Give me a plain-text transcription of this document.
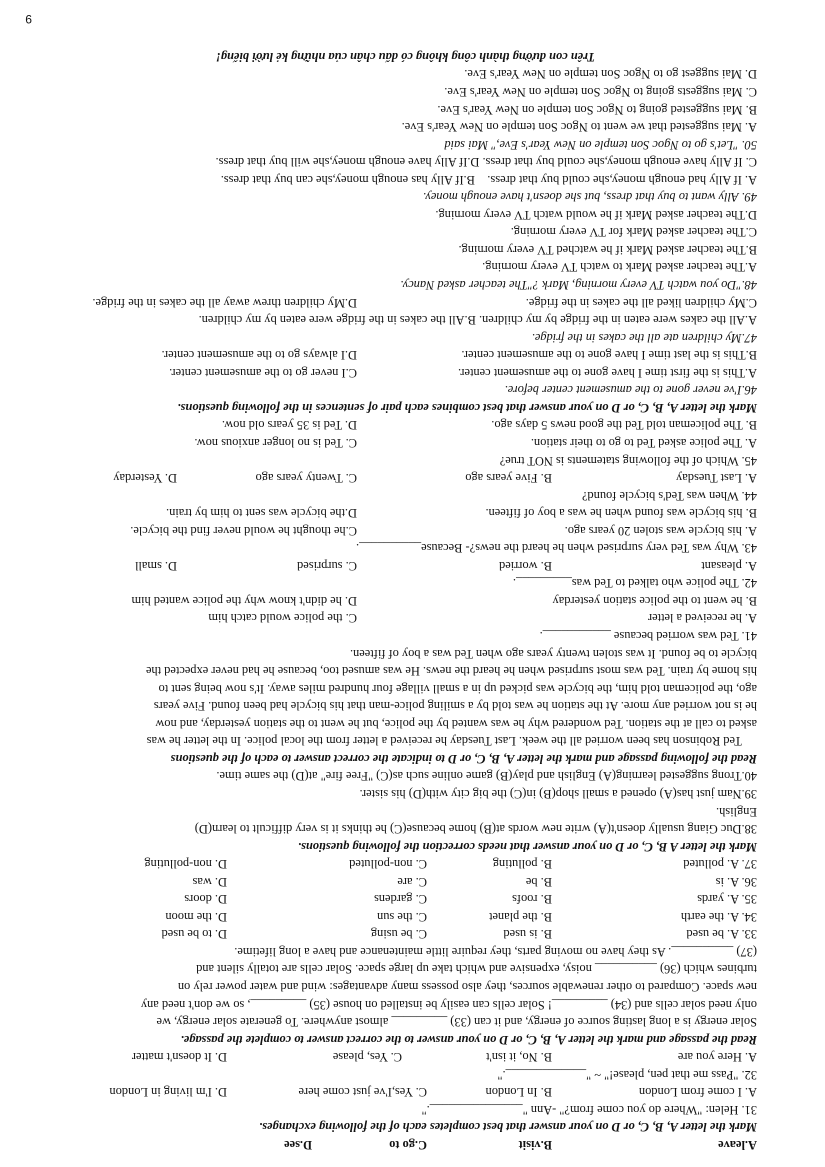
A.leave
B.visit
C.go to
D.see
Mark the letter A, B, C, or D on your answer that best completes each of the following exchanges.
31. Helen: "Where do you come from?" -Ann "_______________."
A. I come from London
B. In London
C. Yes,I've just come here
D. I'm living in London
32. "Pass me that pen, please!" ~ "_____________."
A. Here you are
B. No, it isn't
C. Yes, please
D. It doesn't matter
Read the passage and mark the letter A, B, C, or D on your answer to the correct answer to complete the passage.
Solar energy is a long lasting source of energy, and it can (33) _________ almost anywhere. To generate solar energy, we
only need solar cells and (34) _________! Solar cells can easily be installed on house (35) _________, so we don't need any
new space. Compared to other renewable sources, they also possess many advantages: wind and water power rely on
turbines which (36) __________ noisy, expensive and which take up large space. Solar cells are totally silent and
(37) __________. As they have no moving parts, they require little maintenance and have a long lifetime.
33. A. be used
B. is used
C. be using
D. to be used
34. A. the earth
B. the planet
C. the sun
D. the moon
35. A. yards
B. roofs
C. gardens
D. doors
36. A. is
B. be
C. are
D. was
37. A. polluted
B. polluting
C. non-polluted
D. non-polluting
Mark the letter A B, C, or D on your answer that needs correction the following questions.
38.Duc Giang usually doesn't(A) write new words at(B) home because(C) he thinks it is very difficult to learn(D)
English.
39.Nam just has(A) opened a small shop(B) in(C) the big city with(D) his sister.
40.Trong suggested learning(A) English and play(B) game online such as(C) "Free fire" at(D) the same time.
Read the following passage and mark the letter A, B, C, or D to indicate the correct answer to each of the questions
Ted Robinson has been worried all the week. Last Tuesday he received a letter from the local police. In the letter he was
asked to call at the station. Ted wondered why he was wanted by the police, but he went to the station yesterday, and now
he is not worried any more. At the station he was told by a smiling police-man that his bicycle had been found. Five years
ago, the policeman told him, the bicycle was picked up in a small village four hundred miles away. It's now being sent to
his home by train. Ted was most surprised when he heard the news. He was amused too, because he had never expected the
bicycle to be found. It was stolen twenty years ago when Ted was a boy of fifteen.
41. Ted was worried because ___________.
A. he received a letter
C. the police would catch him
B. he went to the police station yesterday
D. he didn't know why the police wanted him
42. The police who talked to Ted was_________.
A. pleasant
B. worried
C. surprised
D. small
43. Why was Ted very surprised when he heard the news?- Because__________.
A. his bicycle was stolen 20 years ago.
C.he thought he would never find the bicycle.
B. his bicycle was found when he was a boy of fifteen.
D.the bicycle was sent to him by train.
44. When was Ted's bicycle found?
A. Last Tuesday
B. Five years ago
C. Twenty years ago
D. Yesterday
45. Which of the following statements is NOT true?
A. The police asked Ted to go to their station.
C. Ted is no longer anxious now.
B. The policeman told Ted the good news 5 days ago.
D. Ted is 35 years old now.
Mark the letter A, B, C, or D on your answer that best combines each pair of sentences in the following questions.
46.I've never gone to the amusement center before.
A.This is the first time I have gone to the amusement center.
C.I never go to the amusement center.
B.This is the last time I have gone to the amusement center.
D.I always go to the amusement center.
47.My children ate all the cakes in the fridge.
A.All the cakes were eaten in the fridge by my children. B.All the cakes in the fridge were eaten by my children.
C.My children liked all the cakes in the fridge.
D.My children threw away all the cakes in the fridge.
48."Do you watch TV every morning, Mark ?"The teacher asked Nancy.
A.The teacher asked Mark to watch TV every morning.
B.The teacher asked Mark if he watched TV every morning.
C.The teacher asked Mark for TV every morning.
D.The teacher asked Mark if he would watch TV every morning.
49. Ally want to buy that dress, but she doesn't have enough money.
A. If Ally had enough money,she could buy that dress.    B.If Ally has enough money,she can buy that dress.
C. If Ally have enough money,she could buy that dress. D.If Ally have enough money,she will buy that dress.
50. "Let's go to Ngoc Son temple on New Year's Eve," Mai said
A. Mai suggested that we went to Ngoc Son temple on New Year's Eve.
B. Mai suggested going to Ngoc Son temple on New Year's Eve.
C. Mai suggests going to Ngoc Son temple on New Year's Eve.
D. Mai suggest go to Ngoc Son temple on New Year's Eve.
Trên con đường thành công không có dấu chân của những kẻ lười biếng!
9
